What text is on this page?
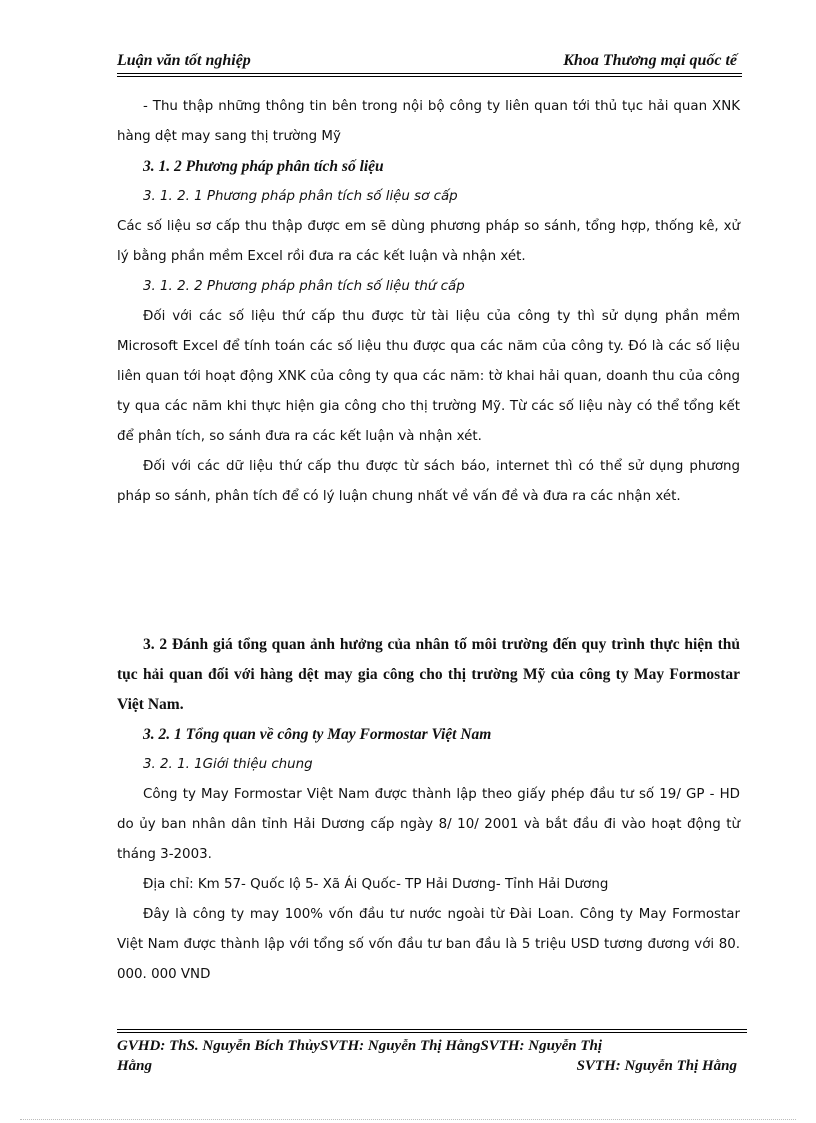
Luận văn tốt nghiệp	Khoa Thương mại quốc tế

- Thu thập những thông tin bên trong nội bộ công ty liên quan tới thủ tục hải quan XNK hàng dệt may sang thị trường Mỹ

3. 1. 2 Phương pháp phân tích số liệu

3. 1. 2. 1 Phương pháp phân tích số liệu sơ cấp

Các số liệu sơ cấp thu thập được em sẽ dùng phương pháp so sánh, tổng hợp, thống kê, xử lý bằng phần mềm Excel rồi đưa ra các kết luận và nhận xét.

3. 1. 2. 2 Phương pháp phân tích số liệu thứ cấp

Đối với các số liệu thứ cấp thu được từ tài liệu của công ty thì sử dụng phần mềm Microsoft Excel để tính toán các số liệu thu được qua các năm của công ty. Đó là các số liệu liên quan tới hoạt động XNK của công ty qua các năm: tờ khai hải quan, doanh thu của công ty qua các năm khi thực hiện gia công cho thị trường Mỹ. Từ các số liệu này có thể tổng kết để phân tích, so sánh đưa ra các kết luận và nhận xét.

Đối với các dữ liệu thứ cấp thu được từ sách báo, internet thì có thể sử dụng phương pháp so sánh, phân tích để có lý luận chung nhất về vấn đề và đưa ra các nhận xét.

3. 2 Đánh giá tổng quan ảnh hưởng của nhân tố môi trường đến quy trình thực hiện thủ tục hải quan đối với hàng dệt may gia công cho thị trường Mỹ của công ty May Formostar Việt Nam.

3. 2. 1 Tổng quan về công ty May Formostar Việt Nam

3. 2. 1. 1Giới thiệu chung

Công ty May Formostar Việt Nam được thành lập theo giấy phép đầu tư số 19/ GP - HD do ủy ban nhân dân tỉnh Hải Dương cấp ngày 8/ 10/ 2001 và bắt đầu đi vào hoạt động từ tháng 3-2003.

Địa chỉ: Km 57- Quốc lộ 5- Xã Ái Quốc- TP Hải Dương- Tỉnh Hải Dương

Đây là công ty may 100% vốn đầu tư nước ngoài từ Đài Loan. Công ty May Formostar Việt Nam được thành lập với tổng số vốn đầu tư ban đầu là 5 triệu USD tương đương với 80. 000. 000 VND

GVHD: ThS. Nguyễn Bích ThủySVTH: Nguyễn Thị HằngSVTH: Nguyễn Thị
Hằng	SVTH: Nguyễn Thị Hằng
